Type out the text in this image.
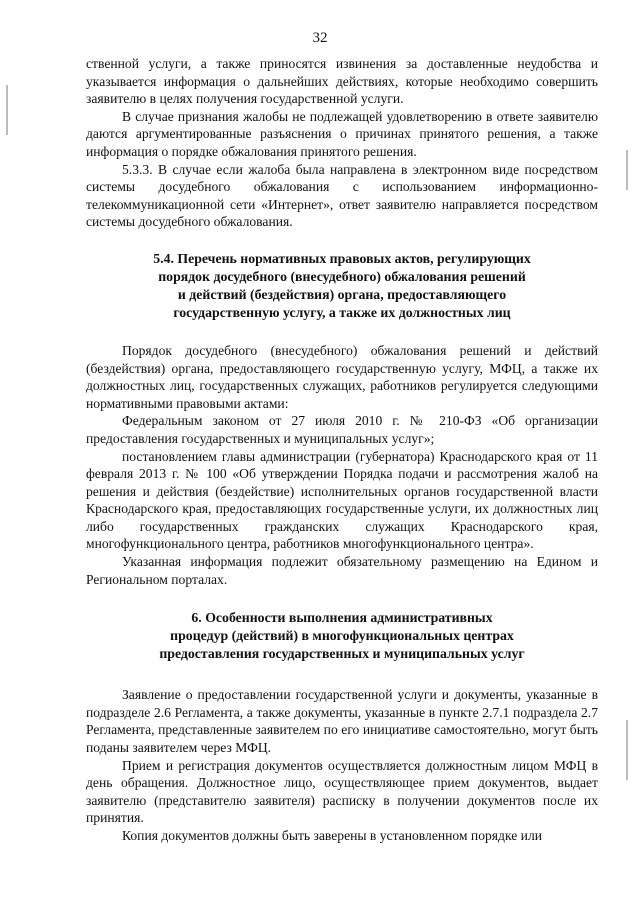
32

ственной услуги, а также приносятся извинения за доставленные неудобства и указывается информация о дальнейших действиях, которые необходимо совершить заявителю в целях получения государственной услуги.

В случае признания жалобы не подлежащей удовлетворению в ответе заявителю даются аргументированные разъяснения о причинах принятого решения, а также информация о порядке обжалования принятого решения.

5.3.3. В случае если жалоба была направлена в электронном виде посредством системы досудебного обжалования с использованием информационно-телекоммуникационной сети «Интернет», ответ заявителю направляется посредством системы досудебного обжалования.

5.4. Перечень нормативных правовых актов, регулирующих
порядок досудебного (внесудебного) обжалования решений
и действий (бездействия) органа, предоставляющего
государственную услугу, а также их должностных лиц

Порядок досудебного (внесудебного) обжалования решений и действий (бездействия) органа, предоставляющего государственную услугу, МФЦ, а также их должностных лиц, государственных служащих, работников регулируется следующими нормативными правовыми актами:

Федеральным законом от 27 июля 2010 г. № 210-ФЗ «Об организации предоставления государственных и муниципальных услуг»;

постановлением главы администрации (губернатора) Краснодарского края от 11 февраля 2013 г. № 100 «Об утверждении Порядка подачи и рассмотрения жалоб на решения и действия (бездействие) исполнительных органов государственной власти Краснодарского края, предоставляющих государственные услуги, их должностных лиц либо государственных гражданских служащих Краснодарского края, многофункционального центра, работников многофункционального центра».

Указанная информация подлежит обязательному размещению на Едином и Региональном порталах.

6. Особенности выполнения административных
процедур (действий) в многофункциональных центрах
предоставления государственных и муниципальных услуг

Заявление о предоставлении государственной услуги и документы, указанные в подразделе 2.6 Регламента, а также документы, указанные в пункте 2.7.1 подраздела 2.7 Регламента, представленные заявителем по его инициативе самостоятельно, могут быть поданы заявителем через МФЦ.

Прием и регистрация документов осуществляется должностным лицом МФЦ в день обращения. Должностное лицо, осуществляющее прием документов, выдает заявителю (представителю заявителя) расписку в получении документов после их принятия.

Копия документов должны быть заверены в установленном порядке или
